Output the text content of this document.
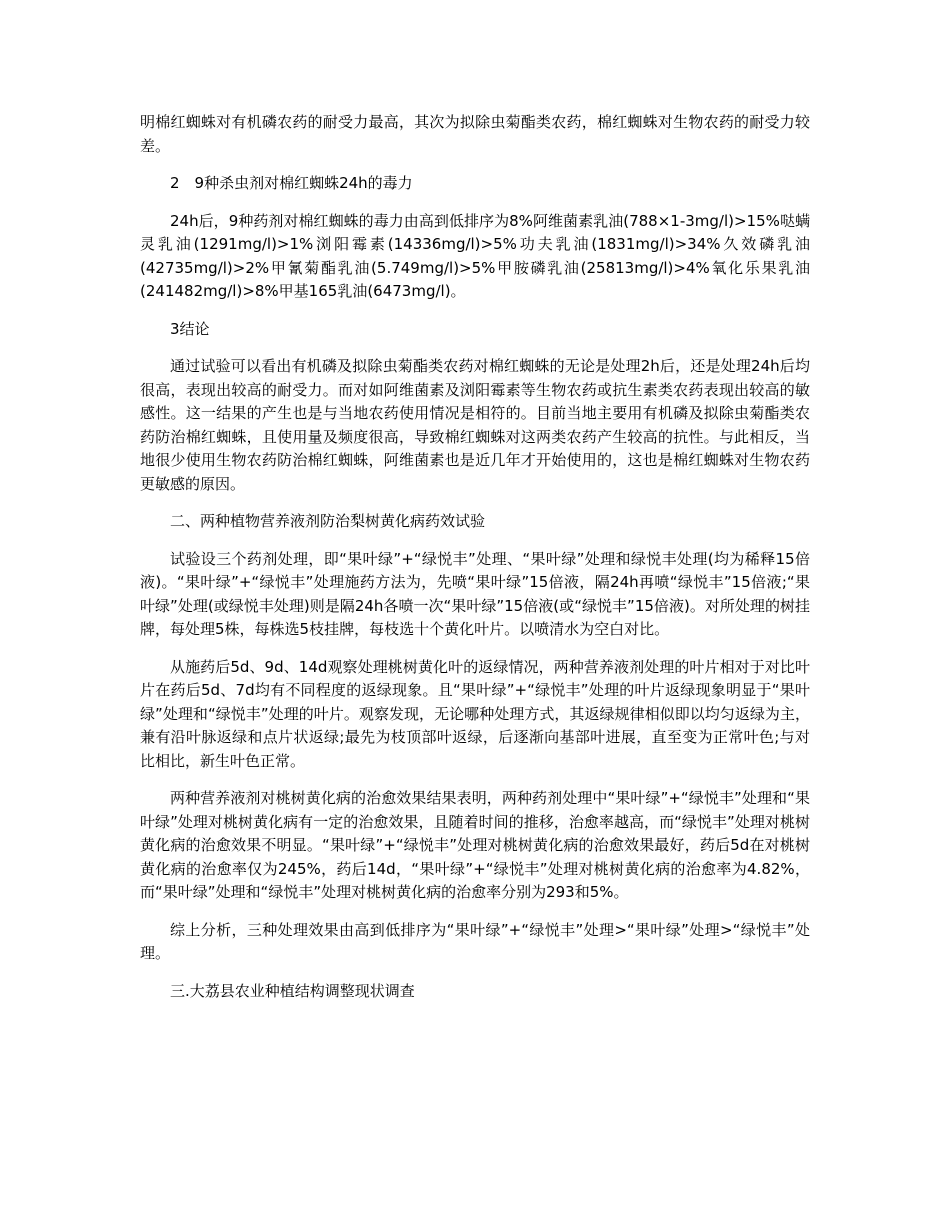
明棉红蜘蛛对有机磷农药的耐受力最高，其次为拟除虫菊酯类农药，棉红蜘蛛对生物农药的耐受力较差。

2　9种杀虫剂对棉红蜘蛛24h的毒力

24h后，9种药剂对棉红蜘蛛的毒力由高到低排序为8%阿维菌素乳油(788×1-3mg/l)>15%哒螨灵乳油(1291mg/l)>1%浏阳霉素(14336mg/l)>5%功夫乳油(1831mg/l)>34%久效磷乳油(42735mg/l)>2%甲氰菊酯乳油(5.749mg/l)>5%甲胺磷乳油(25813mg/l)>4%氧化乐果乳油(241482mg/l)>8%甲基165乳油(6473mg/l)。

3结论

通过试验可以看出有机磷及拟除虫菊酯类农药对棉红蜘蛛的无论是处理2h后，还是处理24h后均很高，表现出较高的耐受力。而对如阿维菌素及浏阳霉素等生物农药或抗生素类农药表现出较高的敏感性。这一结果的产生也是与当地农药使用情况是相符的。目前当地主要用有机磷及拟除虫菊酯类农药防治棉红蜘蛛，且使用量及频度很高，导致棉红蜘蛛对这两类农药产生较高的抗性。与此相反，当地很少使用生物农药防治棉红蜘蛛，阿维菌素也是近几年才开始使用的，这也是棉红蜘蛛对生物农药更敏感的原因。

二、两种植物营养液剂防治梨树黄化病药效试验

试验设三个药剂处理，即“果叶绿”+“绿悦丰”处理、“果叶绿”处理和绿悦丰处理(均为稀释15倍液)。“果叶绿”+“绿悦丰”处理施药方法为，先喷“果叶绿”15倍液，隔24h再喷“绿悦丰”15倍液;“果叶绿”处理(或绿悦丰处理)则是隔24h各喷一次“果叶绿”15倍液(或“绿悦丰”15倍液)。对所处理的树挂牌，每处理5株，每株选5枝挂牌，每枝选十个黄化叶片。以喷清水为空白对比。

从施药后5d、9d、14d观察处理桃树黄化叶的返绿情况，两种营养液剂处理的叶片相对于对比叶片在药后5d、7d均有不同程度的返绿现象。且“果叶绿”+“绿悦丰”处理的叶片返绿现象明显于“果叶绿”处理和“绿悦丰”处理的叶片。观察发现，无论哪种处理方式，其返绿规律相似即以均匀返绿为主，兼有沿叶脉返绿和点片状返绿;最先为枝顶部叶返绿，后逐渐向基部叶进展，直至变为正常叶色;与对比相比，新生叶色正常。

两种营养液剂对桃树黄化病的治愈效果结果表明，两种药剂处理中“果叶绿”+“绿悦丰”处理和“果叶绿”处理对桃树黄化病有一定的治愈效果，且随着时间的推移，治愈率越高，而“绿悦丰”处理对桃树黄化病的治愈效果不明显。“果叶绿”+“绿悦丰”处理对桃树黄化病的治愈效果最好，药后5d在对桃树黄化病的治愈率仅为245%，药后14d，“果叶绿”+“绿悦丰”处理对桃树黄化病的治愈率为4.82%，而“果叶绿”处理和“绿悦丰”处理对桃树黄化病的治愈率分别为293和5%。

综上分析，三种处理效果由高到低排序为“果叶绿”+“绿悦丰”处理>“果叶绿”处理>“绿悦丰”处理。

三.大荔县农业种植结构调整现状调查
